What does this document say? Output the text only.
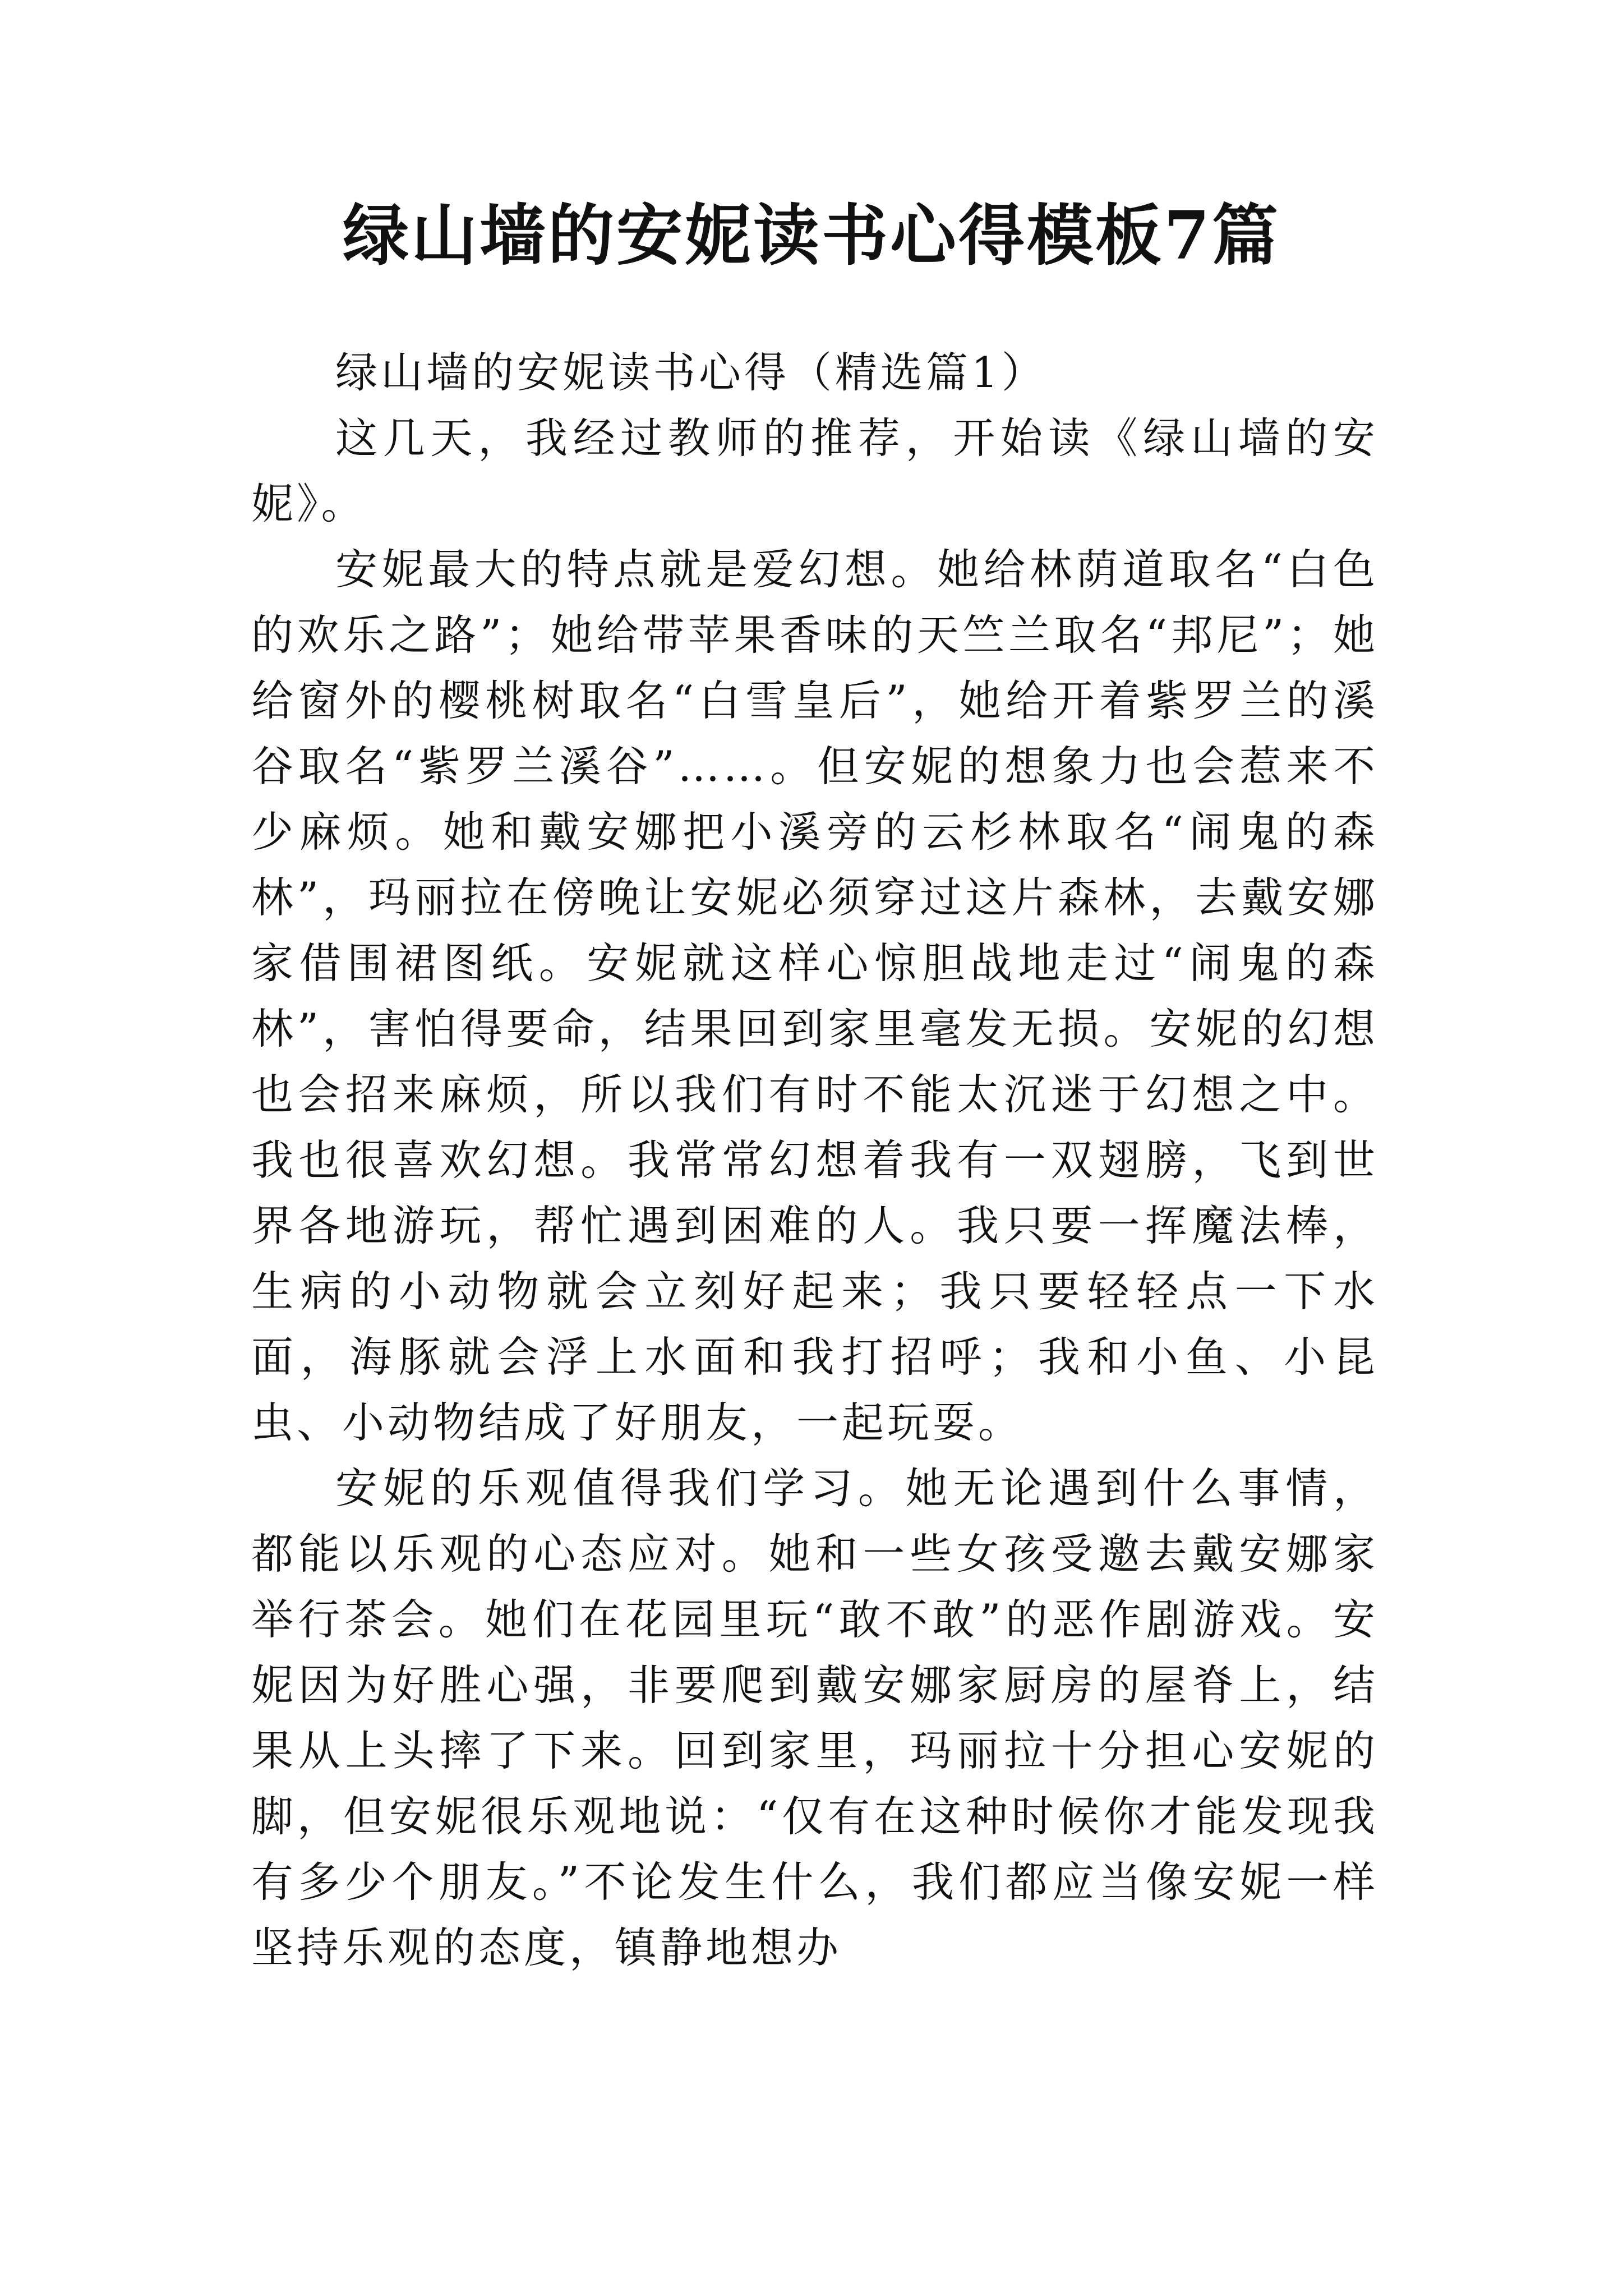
绿山墙的安妮读书心得模板7篇

绿山墙的安妮读书心得（精选篇1）

这几天，我经过教师的推荐，开始读《绿山墙的安妮》。

安妮最大的特点就是爱幻想。她给林荫道取名“白色的欢乐之路”；她给带苹果香味的天竺兰取名“邦尼”；她给窗外的樱桃树取名“白雪皇后”，她给开着紫罗兰的溪谷取名“紫罗兰溪谷”……。但安妮的想象力也会惹来不少麻烦。她和戴安娜把小溪旁的云杉林取名“闹鬼的森林”，玛丽拉在傍晚让安妮必须穿过这片森林，去戴安娜家借围裙图纸。安妮就这样心惊胆战地走过“闹鬼的森林”，害怕得要命，结果回到家里毫发无损。安妮的幻想也会招来麻烦，所以我们有时不能太沉迷于幻想之中。我也很喜欢幻想。我常常幻想着我有一双翅膀，飞到世界各地游玩，帮忙遇到困难的人。我只要一挥魔法棒，生病的小动物就会立刻好起来；我只要轻轻点一下水面，海豚就会浮上水面和我打招呼；我和小鱼、小昆虫、小动物结成了好朋友，一起玩耍。

安妮的乐观值得我们学习。她无论遇到什么事情，都能以乐观的心态应对。她和一些女孩受邀去戴安娜家举行茶会。她们在花园里玩“敢不敢”的恶作剧游戏。安妮因为好胜心强，非要爬到戴安娜家厨房的屋脊上，结果从上头摔了下来。回到家里，玛丽拉十分担心安妮的脚，但安妮很乐观地说：“仅有在这种时候你才能发现我有多少个朋友。”不论发生什么，我们都应当像安妮一样坚持乐观的态度，镇静地想办
